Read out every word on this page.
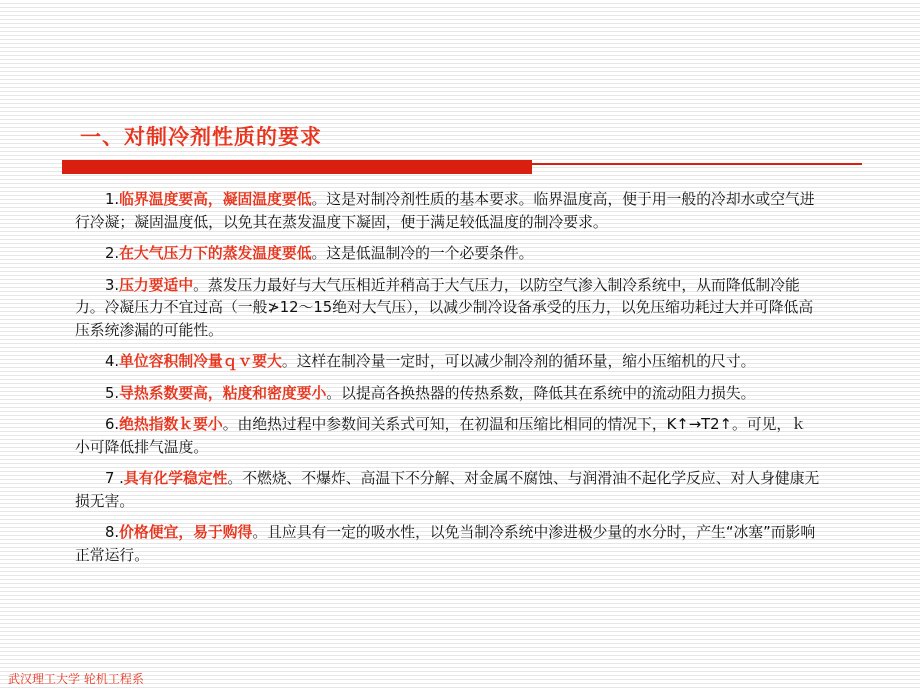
一、对制冷剂性质的要求

1.临界温度要高，凝固温度要低。这是对制冷剂性质的基本要求。临界温度高，便于用一般的冷却水或空气进行冷凝；凝固温度低，以免其在蒸发温度下凝固，便于满足较低温度的制冷要求。

2.在大气压力下的蒸发温度要低。这是低温制冷的一个必要条件。

3.压力要适中。蒸发压力最好与大气压相近并稍高于大气压力，以防空气渗入制冷系统中，从而降低制冷能力。冷凝压力不宜过高（一般≯12～15绝对大气压），以减少制冷设备承受的压力，以免压缩功耗过大并可降低高压系统渗漏的可能性。

4.单位容积制冷量ｑｖ要大。这样在制冷量一定时，可以减少制冷剂的循环量，缩小压缩机的尺寸。

5.导热系数要高，粘度和密度要小。以提高各换热器的传热系数，降低其在系统中的流动阻力损失。

6.绝热指数ｋ要小。由绝热过程中参数间关系式可知，在初温和压缩比相同的情况下，K↑→T2↑。可见，ｋ小可降低排气温度。

7 .具有化学稳定性。不燃烧、不爆炸、高温下不分解、对金属不腐蚀、与润滑油不起化学反应、对人身健康无损无害。

8.价格便宜，易于购得。且应具有一定的吸水性，以免当制冷系统中渗进极少量的水分时，产生“冰塞”而影响正常运行。

武汉理工大学 轮机工程系
